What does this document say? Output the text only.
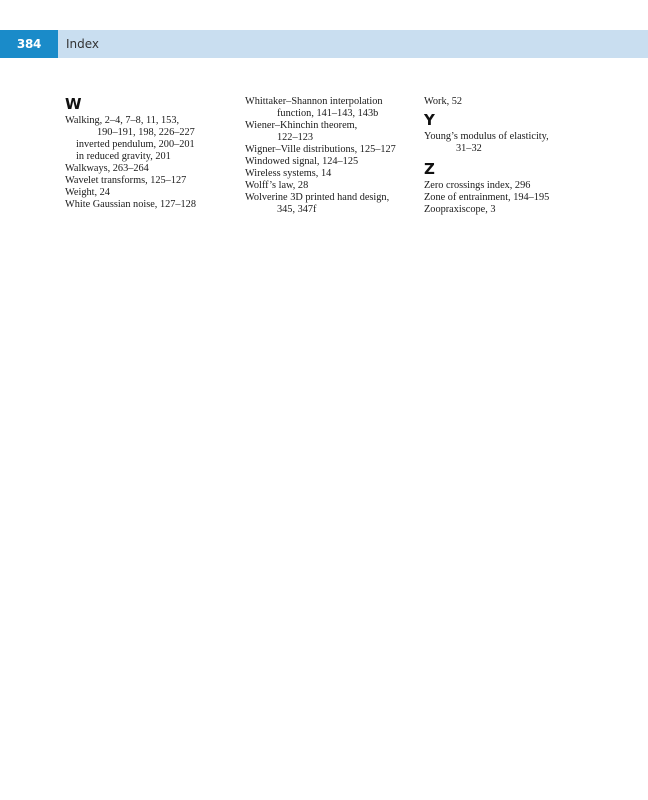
384	Index
W

Walking, 2–4, 7–8, 11, 153,
190–191, 198, 226–227

inverted pendulum, 200–201

in reduced gravity, 201

Walkways, 263–264

Wavelet transforms, 125–127

Weight, 24

White Gaussian noise, 127–128

Whittaker–Shannon interpolation
function, 141–143, 143b

Wiener–Khinchin theorem,
122–123

Wigner–Ville distributions, 125–127

Windowed signal, 124–125

Wireless systems, 14

Wolff’s law, 28

Wolverine 3D printed hand design,
345, 347f

Work, 52

Y

Young’s modulus of elasticity,
31–32

Z

Zero crossings index, 296

Zone of entrainment, 194–195

Zoopraxiscope, 3
